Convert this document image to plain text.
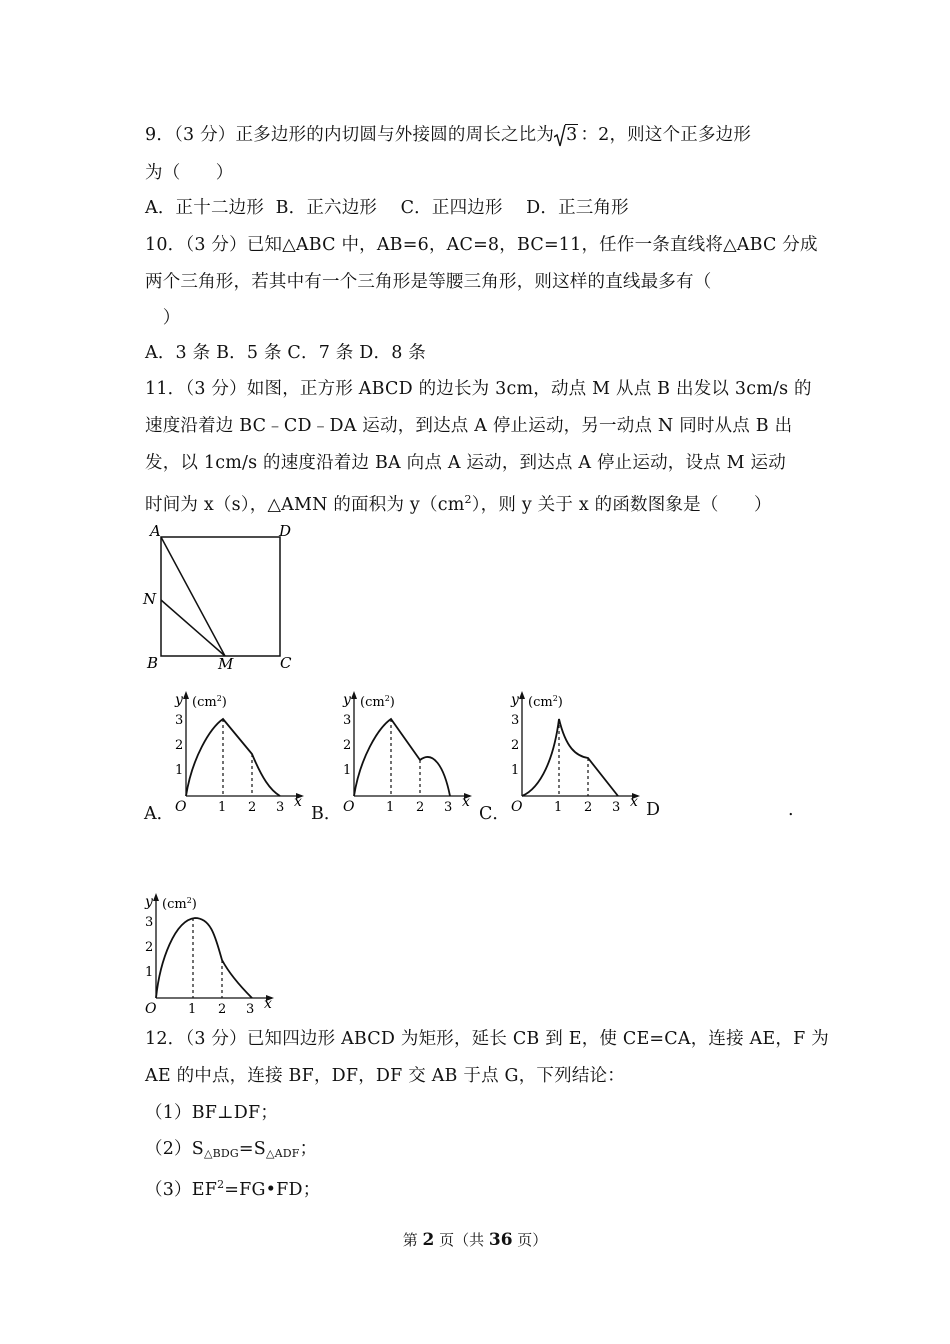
9．（3 分）正多边形的内切圆与外接圆的周长之比为 3 ：2，则这个正多边形
为（　　）
A．正十二边形  B．正六边形　 C．正四边形　 D．正三角形
10．（3 分）已知△ABC 中，AB=6，AC=8，BC=11，任作一条直线将△ABC 分成
两个三角形，若其中有一个三角形是等腰三角形，则这样的直线最多有（
　）
A．3 条 B．5 条 C．7 条 D．8 条
11．（3 分）如图，正方形 ABCD 的边长为 3cm，动点 M 从点 B 出发以 3cm/s 的
速度沿着边 BC﹣CD﹣DA 运动，到达点 A 停止运动，另一动点 N 同时从点 B 出
发，以 1cm/s 的速度沿着边 BA 向点 A 运动，到达点 A 停止运动，设点 M 运动
时间为 x（s），△AMN 的面积为 $y(cm^2)$，则 y 关于 x 的函数图象是（　　）
A	D
N
B	M	C
A．	B．	C．	D	.
y $(cm^2)$
3
2
1
O 1 2 3 x
y $(cm^2)$
3
2
1
O 1 2 3 x
y $(cm^2)$
3
2
1
O 1 2 3 x
y $(cm^2)$
3
2
1
O 1 2 3 x
12．（3 分）已知四边形 ABCD 为矩形，延长 CB 到 E，使 CE=CA，连接 AE，F 为
AE 的中点，连接 BF，DF，DF 交 AB 于点 G，下列结论：
（1）BF⊥DF；
$(2)S_{\triangle BDG}=S_{\triangle ADF}$；
$(3)EF^2=FG•FD$；
第 2 页（共 36 页）
